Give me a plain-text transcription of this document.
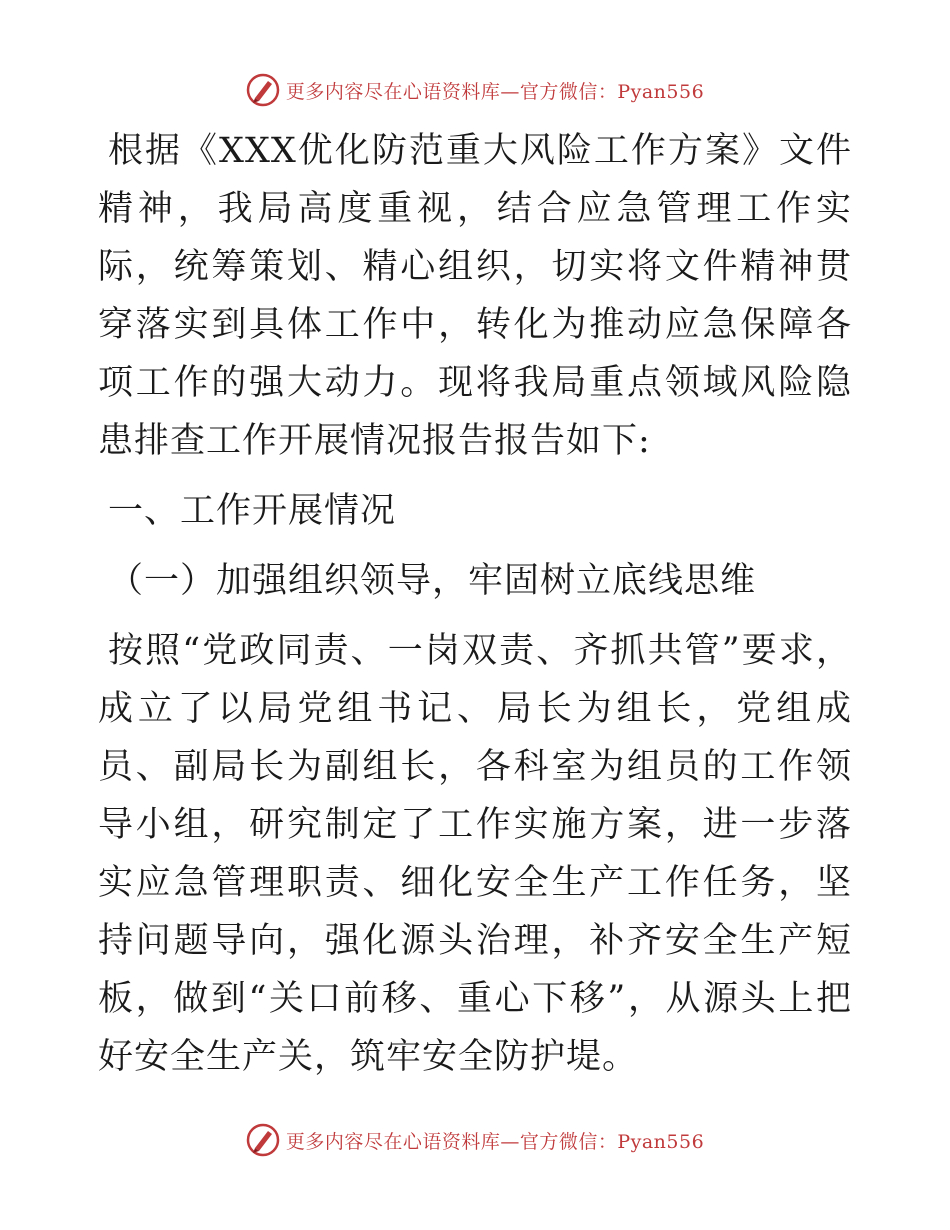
更多内容尽在心语资料库—官方微信：Pyan556

根据《XXX优化防范重大风险工作方案》文件精神，我局高度重视，结合应急管理工作实际，统筹策划、精心组织，切实将文件精神贯穿落实到具体工作中，转化为推动应急保障各项工作的强大动力。现将我局重点领域风险隐患排查工作开展情况报告报告如下:

一、工作开展情况

（一）加强组织领导，牢固树立底线思维

按照“党政同责、一岗双责、齐抓共管”要求，成立了以局党组书记、局长为组长，党组成员、副局长为副组长，各科室为组员的工作领导小组，研究制定了工作实施方案，进一步落实应急管理职责、细化安全生产工作任务，坚持问题导向，强化源头治理，补齐安全生产短板，做到“关口前移、重心下移”，从源头上把好安全生产关，筑牢安全防护堤。

更多内容尽在心语资料库—官方微信：Pyan556
